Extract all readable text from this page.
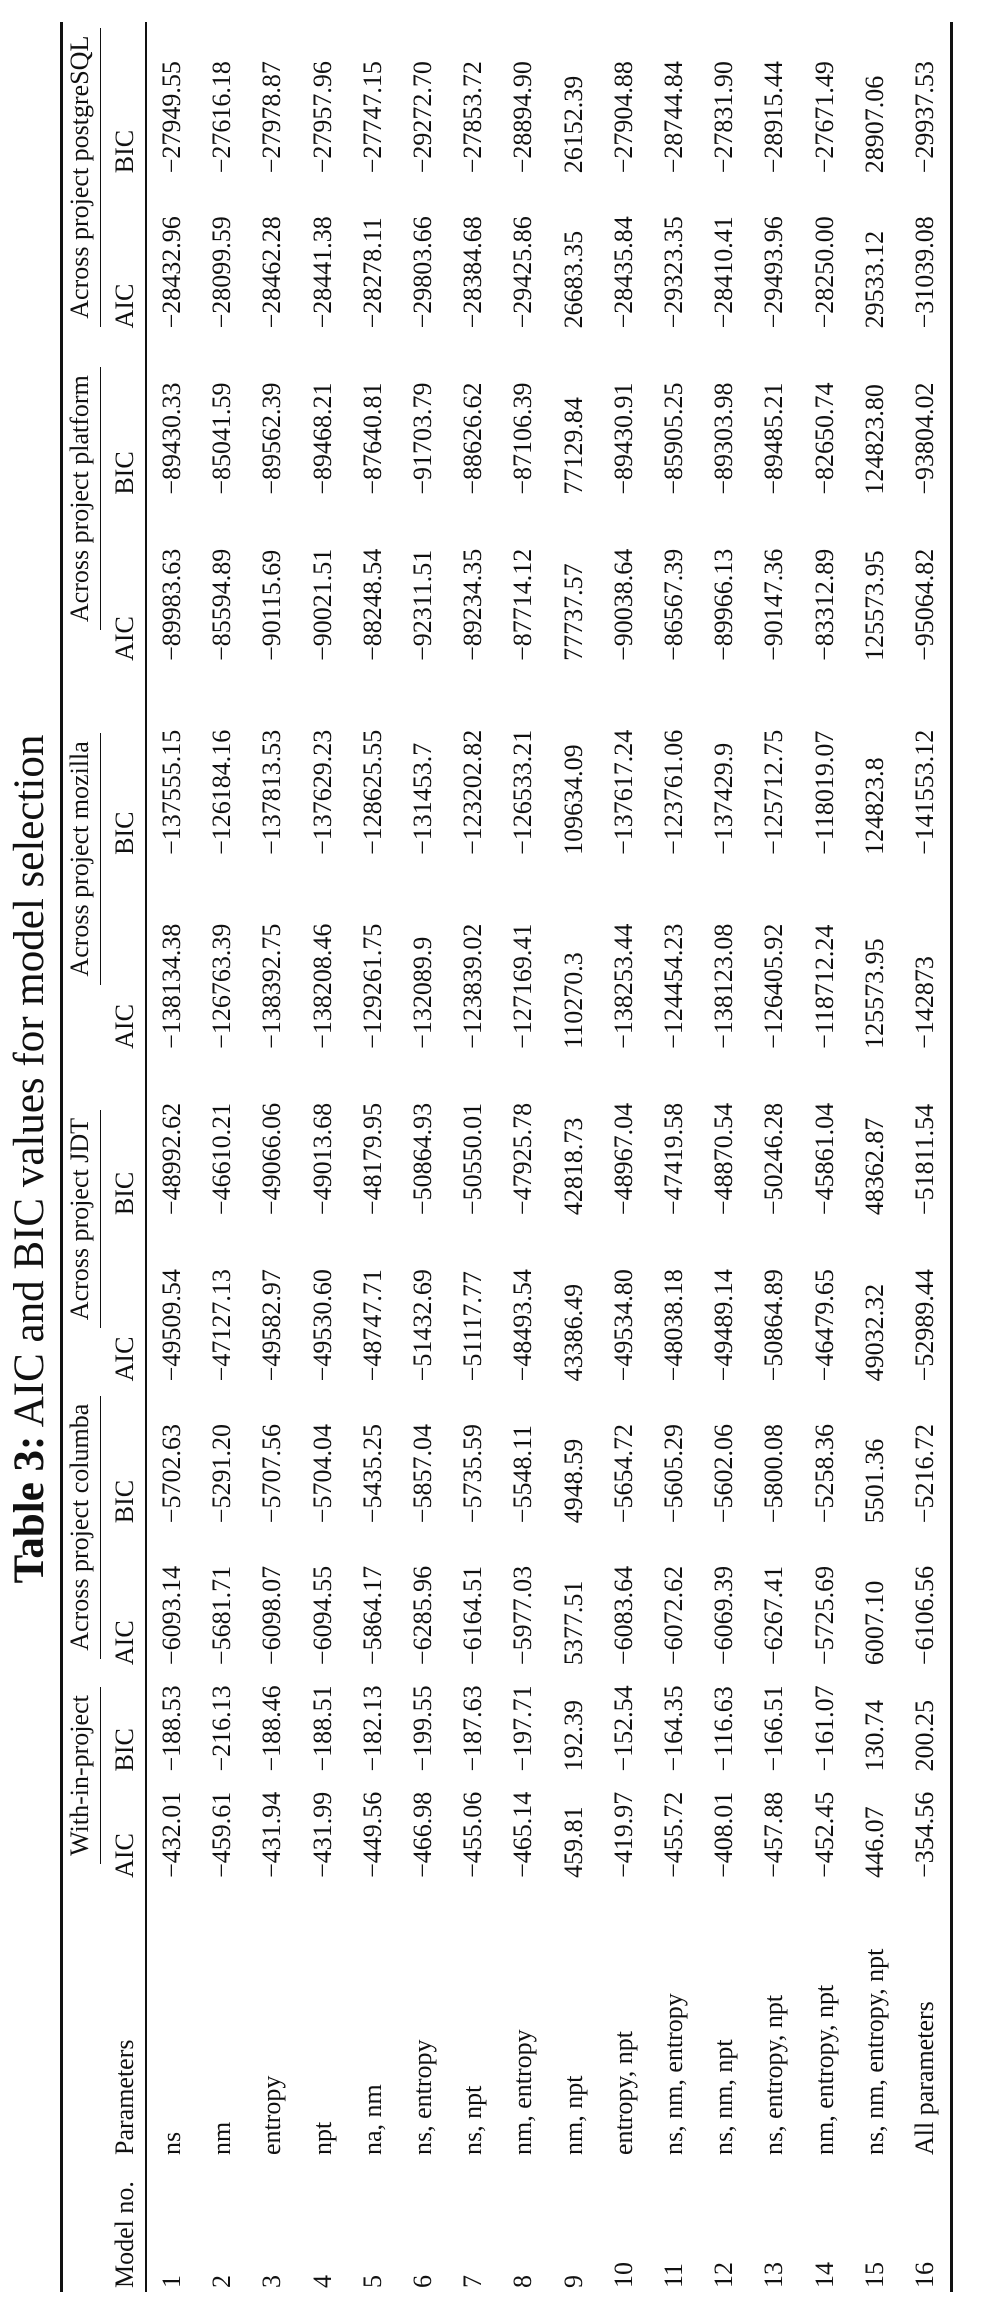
Table 3: AIC and BIC values for model selection

		With-in-project		Across project columba		Across project JDT		Across project mozilla		Across project platform		Across project postgreSQL	
Model no.	Parameters	AIC	BIC	AIC	BIC	AIC	BIC	AIC	BIC	AIC	BIC	AIC	BIC

1	ns	−432.01	−188.53	−6093.14	−5702.63	−49509.54	−48992.62	−138134.38	−137555.15	−89983.63	−89430.33	−28432.96	−27949.55
2	nm	−459.61	−216.13	−5681.71	−5291.20	−47127.13	−46610.21	−126763.39	−126184.16	−85594.89	−85041.59	−28099.59	−27616.18
3	entropy	−431.94	−188.46	−6098.07	−5707.56	−49582.97	−49066.06	−138392.75	−137813.53	−90115.69	−89562.39	−28462.28	−27978.87
4	npt	−431.99	−188.51	−6094.55	−5704.04	−49530.60	−49013.68	−138208.46	−137629.23	−90021.51	−89468.21	−28441.38	−27957.96
5	na, nm	−449.56	−182.13	−5864.17	−5435.25	−48747.71	−48179.95	−129261.75	−128625.55	−88248.54	−87640.81	−28278.11	−27747.15
6	ns, entropy	−466.98	−199.55	−6285.96	−5857.04	−51432.69	−50864.93	−132089.9	−131453.7	−92311.51	−91703.79	−29803.66	−29272.70
7	ns, npt	−455.06	−187.63	−6164.51	−5735.59	−51117.77	−50550.01	−123839.02	−123202.82	−89234.35	−88626.62	−28384.68	−27853.72
8	nm, entropy	−465.14	−197.71	−5977.03	−5548.11	−48493.54	−47925.78	−127169.41	−126533.21	−87714.12	−87106.39	−29425.86	−28894.90
9	nm, npt	459.81	192.39	5377.51	4948.59	43386.49	42818.73	110270.3	109634.09	77737.57	77129.84	26683.35	26152.39
10	entropy, npt	−419.97	−152.54	−6083.64	−5654.72	−49534.80	−48967.04	−138253.44	−137617.24	−90038.64	−89430.91	−28435.84	−27904.88
11	ns, nm, entropy	−455.72	−164.35	−6072.62	−5605.29	−48038.18	−47419.58	−124454.23	−123761.06	−86567.39	−85905.25	−29323.35	−28744.84
12	ns, nm, npt	−408.01	−116.63	−6069.39	−5602.06	−49489.14	−48870.54	−138123.08	−137429.9	−89966.13	−89303.98	−28410.41	−27831.90
13	ns, entropy, npt	−457.88	−166.51	−6267.41	−5800.08	−50864.89	−50246.28	−126405.92	−125712.75	−90147.36	−89485.21	−29493.96	−28915.44
14	nm, entropy, npt	−452.45	−161.07	−5725.69	−5258.36	−46479.65	−45861.04	−118712.24	−118019.07	−83312.89	−82650.74	−28250.00	−27671.49
15	ns, nm, entropy, npt	446.07	130.74	6007.10	5501.36	49032.32	48362.87	125573.95	124823.8	125573.95	124823.80	29533.12	28907.06
16	All parameters	−354.56	200.25	−6106.56	−5216.72	−52989.44	−51811.54	−142873	−141553.12	−95064.82	−93804.02	−31039.08	−29937.53
